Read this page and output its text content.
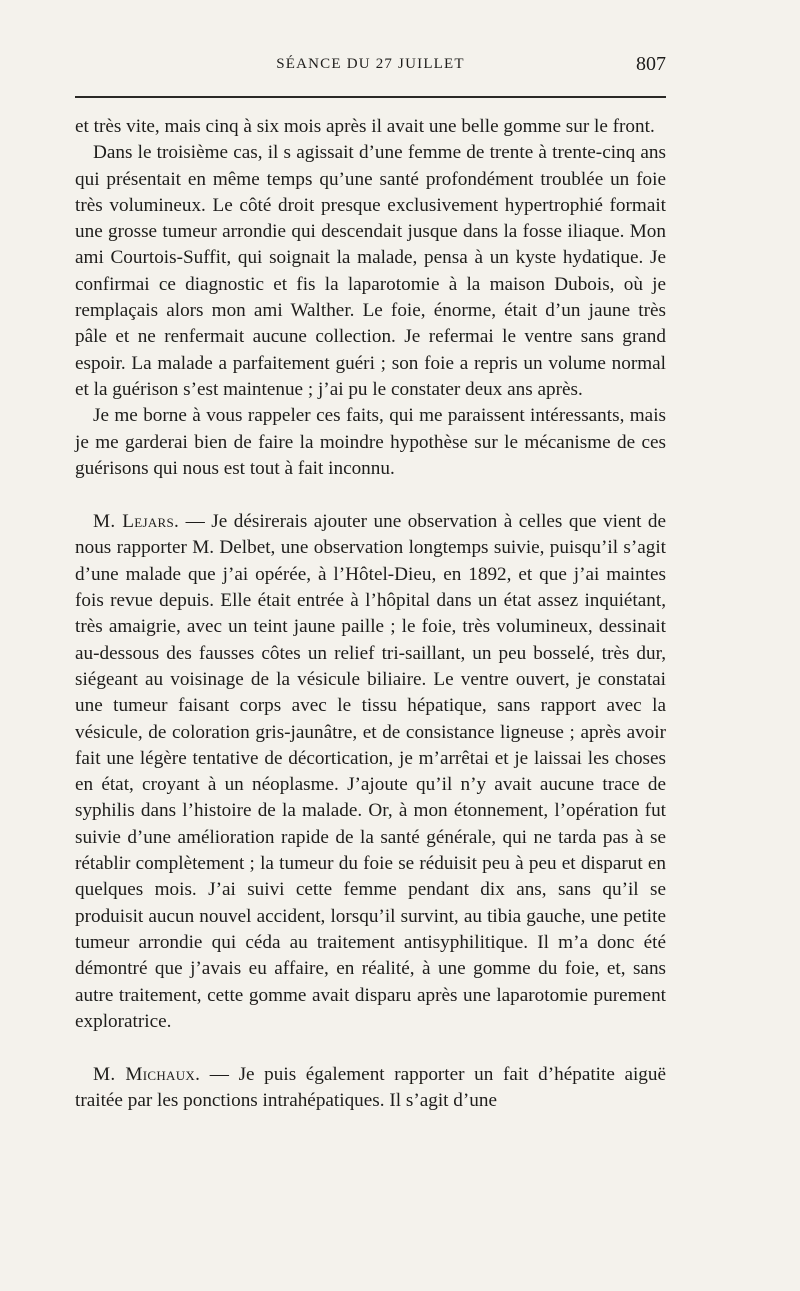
SÉANCE DU 27 JUILLET	807

et très vite, mais cinq à six mois après il avait une belle gomme sur le front.

Dans le troisième cas, il s agissait d’une femme de trente à trente-cinq ans qui présentait en même temps qu’une santé profondément troublée un foie très volumineux. Le côté droit presque exclusivement hypertrophié formait une grosse tumeur arrondie qui descendait jusque dans la fosse iliaque. Mon ami Courtois-Suffit, qui soignait la malade, pensa à un kyste hydatique. Je confirmai ce diagnostic et fis la laparotomie à la maison Dubois, où je remplaçais alors mon ami Walther. Le foie, énorme, était d’un jaune très pâle et ne renfermait aucune collection. Je refermai le ventre sans grand espoir. La malade a parfaitement guéri ; son foie a repris un volume normal et la guérison s’est maintenue ; j’ai pu le constater deux ans après.

Je me borne à vous rappeler ces faits, qui me paraissent intéressants, mais je me garderai bien de faire la moindre hypothèse sur le mécanisme de ces guérisons qui nous est tout à fait inconnu.

M. Lejars. — Je désirerais ajouter une observation à celles que vient de nous rapporter M. Delbet, une observation longtemps suivie, puisqu’il s’agit d’une malade que j’ai opérée, à l’Hôtel-Dieu, en 1892, et que j’ai maintes fois revue depuis. Elle était entrée à l’hôpital dans un état assez inquiétant, très amaigrie, avec un teint jaune paille ; le foie, très volumineux, dessinait au-dessous des fausses côtes un relief tri-saillant, un peu bosselé, très dur, siégeant au voisinage de la vésicule biliaire. Le ventre ouvert, je constatai une tumeur faisant corps avec le tissu hépatique, sans rapport avec la vésicule, de coloration gris-jaunâtre, et de consistance ligneuse ; après avoir fait une légère tentative de décortication, je m’arrêtai et je laissai les choses en état, croyant à un néoplasme. J’ajoute qu’il n’y avait aucune trace de syphilis dans l’histoire de la malade. Or, à mon étonnement, l’opération fut suivie d’une amélioration rapide de la santé générale, qui ne tarda pas à se rétablir complètement ; la tumeur du foie se réduisit peu à peu et disparut en quelques mois. J’ai suivi cette femme pendant dix ans, sans qu’il se produisit aucun nouvel accident, lorsqu’il survint, au tibia gauche, une petite tumeur arrondie qui céda au traitement antisyphilitique. Il m’a donc été démontré que j’avais eu affaire, en réalité, à une gomme du foie, et, sans autre traitement, cette gomme avait disparu après une laparotomie purement exploratrice.

M. Michaux. — Je puis également rapporter un fait d’hépatite aiguë traitée par les ponctions intrahépatiques. Il s’agit d’une
